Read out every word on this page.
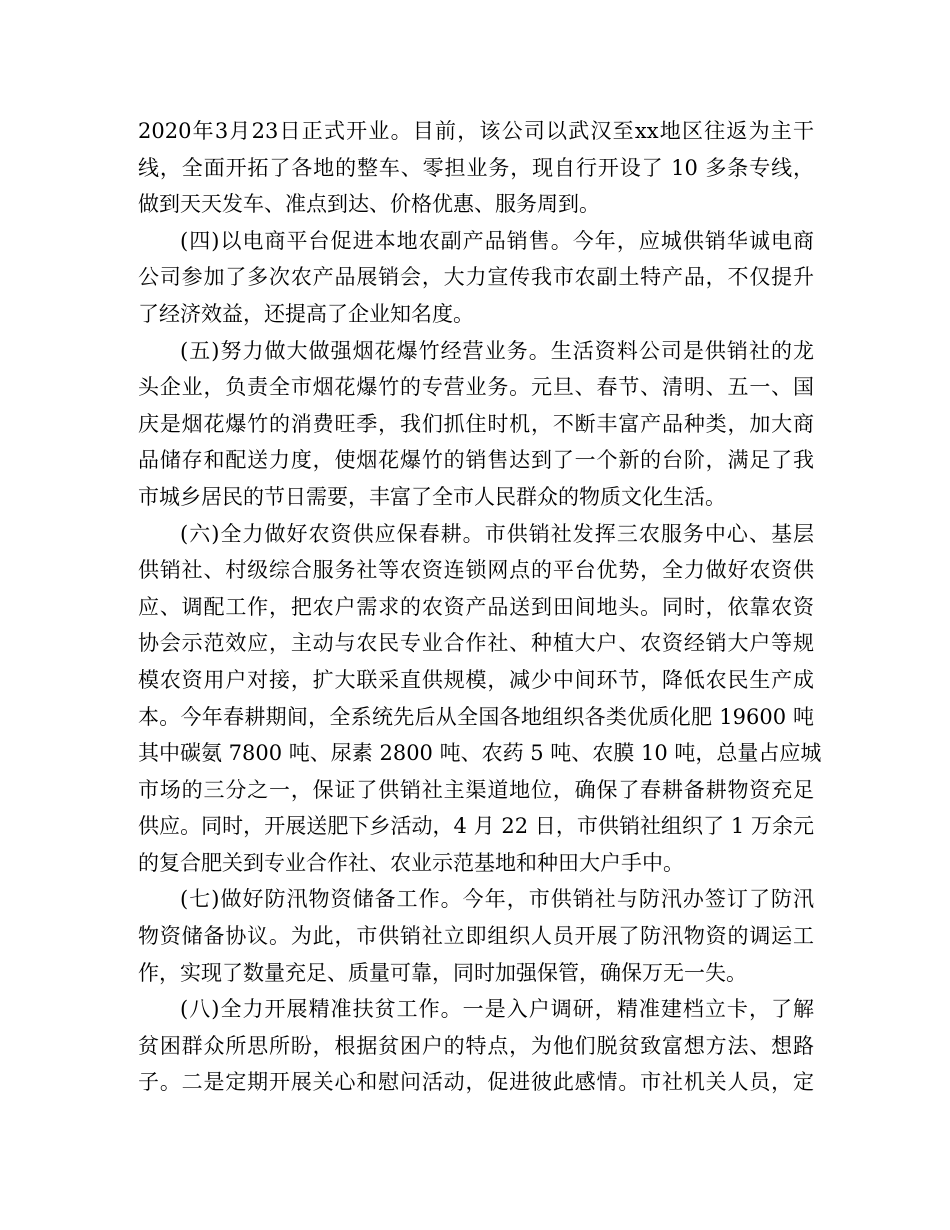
2020年3月23日正式开业。目前，该公司以武汉至xx地区往返为主干
线，全面开拓了各地的整车、零担业务，现自行开设了 10 多条专线，
做到天天发车、准点到达、价格优惠、服务周到。
(四)以电商平台促进本地农副产品销售。今年，应城供销华诚电商
公司参加了多次农产品展销会，大力宣传我市农副土特产品，不仅提升
了经济效益，还提高了企业知名度。
(五)努力做大做强烟花爆竹经营业务。生活资料公司是供销社的龙
头企业，负责全市烟花爆竹的专营业务。元旦、春节、清明、五一、国
庆是烟花爆竹的消费旺季，我们抓住时机，不断丰富产品种类，加大商
品储存和配送力度，使烟花爆竹的销售达到了一个新的台阶，满足了我
市城乡居民的节日需要，丰富了全市人民群众的物质文化生活。
(六)全力做好农资供应保春耕。市供销社发挥三农服务中心、基层
供销社、村级综合服务社等农资连锁网点的平台优势，全力做好农资供
应、调配工作，把农户需求的农资产品送到田间地头。同时，依靠农资
协会示范效应，主动与农民专业合作社、种植大户、农资经销大户等规
模农资用户对接，扩大联采直供规模，减少中间环节，降低农民生产成
本。今年春耕期间，全系统先后从全国各地组织各类优质化肥 19600 吨
其中碳氨 7800 吨、尿素 2800 吨、农药 5 吨、农膜 10 吨，总量占应城
市场的三分之一，保证了供销社主渠道地位，确保了春耕备耕物资充足
供应。同时，开展送肥下乡活动，4 月 22 日，市供销社组织了 1 万余元
的复合肥关到专业合作社、农业示范基地和种田大户手中。
(七)做好防汛物资储备工作。今年，市供销社与防汛办签订了防汛
物资储备协议。为此，市供销社立即组织人员开展了防汛物资的调运工
作，实现了数量充足、质量可靠，同时加强保管，确保万无一失。
(八)全力开展精准扶贫工作。一是入户调研，精准建档立卡，了解
贫困群众所思所盼，根据贫困户的特点，为他们脱贫致富想方法、想路
子。二是定期开展关心和慰问活动，促进彼此感情。市社机关人员，定
